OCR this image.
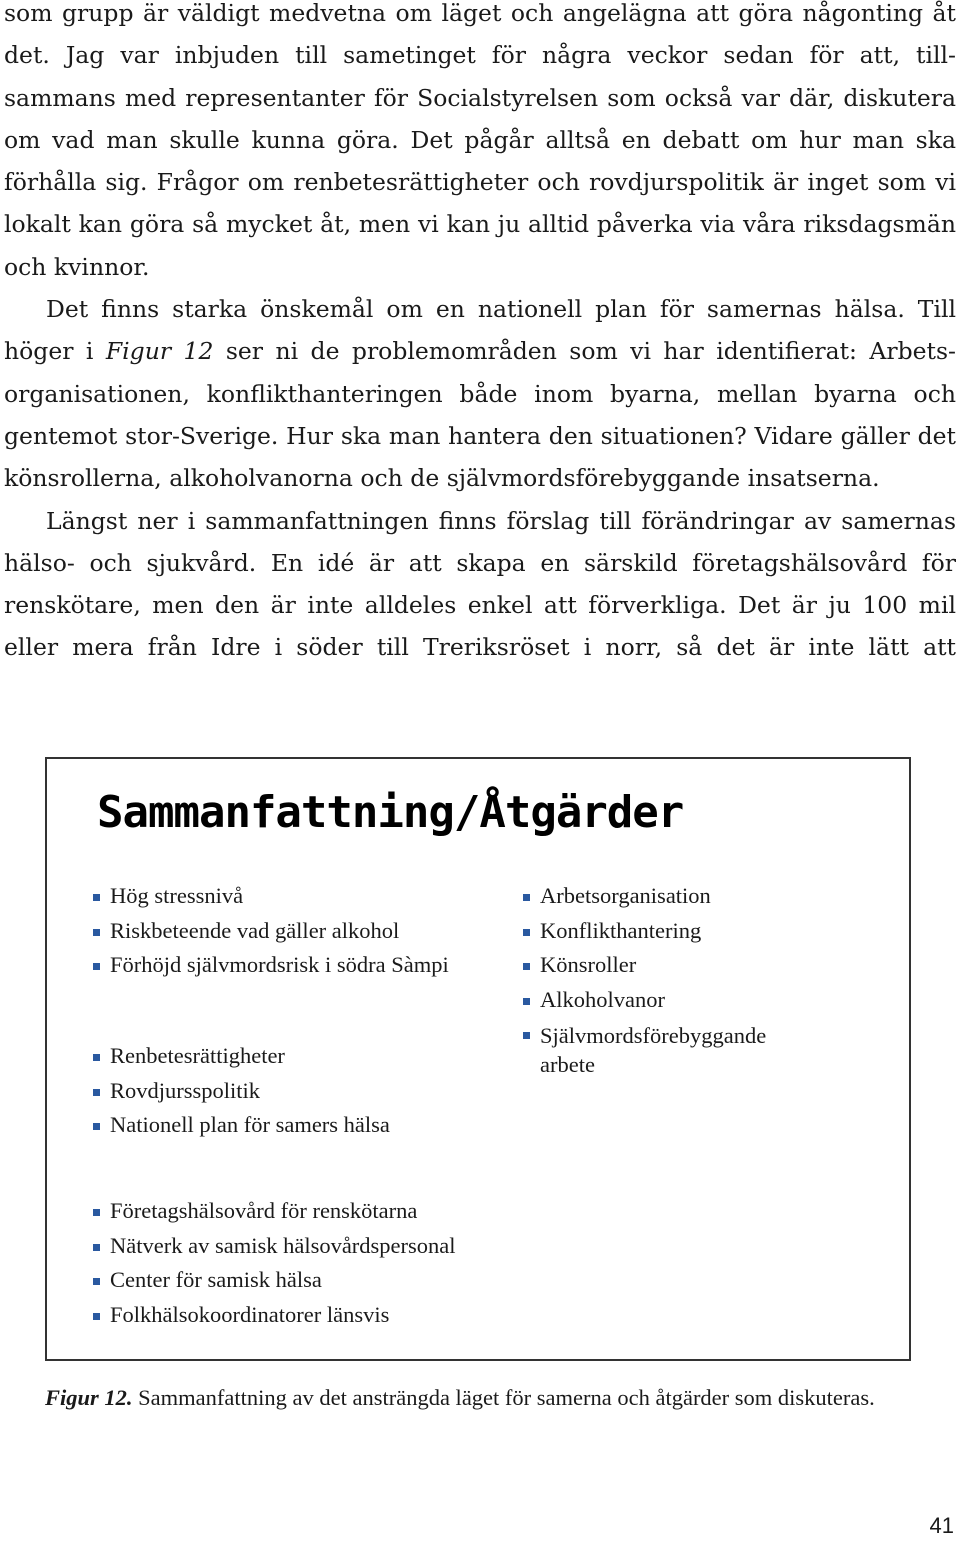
som grupp är väldigt medvetna om läget och angelägna att göra någonting åt det. Jag var inbjuden till sametinget för några veckor sedan för att, tillsammans med representanter för Socialstyrelsen som också var där, diskutera om vad man skulle kunna göra. Det pågår alltså en debatt om hur man ska förhålla sig. Frågor om renbetesrättigheter och rovdjurspolitik är inget som vi lokalt kan göra så mycket åt, men vi kan ju alltid påverka via våra riksdagsmän och kvinnor.

Det finns starka önskemål om en nationell plan för samernas hälsa. Till höger i Figur 12 ser ni de problemområden som vi har identifierat: Arbetsorganisationen, konflikthanteringen både inom byarna, mellan byarna och gentemot stor-Sverige. Hur ska man hantera den situationen? Vidare gäller det könsrollerna, alkoholvanorna och de självmordsförebyggande insatserna.

Längst ner i sammanfattningen finns förslag till förändringar av samernas hälso- och sjukvård. En idé är att skapa en särskild företagshälsovård för renskötare, men den är inte alldeles enkel att förverkliga. Det är ju 100 mil eller mera från Idre i söder till Treriksröset i norr, så det är inte lätt att

Sammanfattning/Åtgärder
Hög stressnivå
Riskbeteende vad gäller alkohol
Förhöjd självmordsrisk i södra Sàmpi
Arbetsorganisation
Konflikthantering
Könsroller
Alkoholvanor
Självmordsförebyggande arbete
Renbetesrättigheter
Rovdjursspolitik
Nationell plan för samers hälsa
Företagshälsovård för renskötarna
Nätverk av samisk hälsovårdspersonal
Center för samisk hälsa
Folkhälsokoordinatorer länsvis
Figur 12. Sammanfattning av det ansträngda läget för samerna och åtgärder som diskuteras.
41
